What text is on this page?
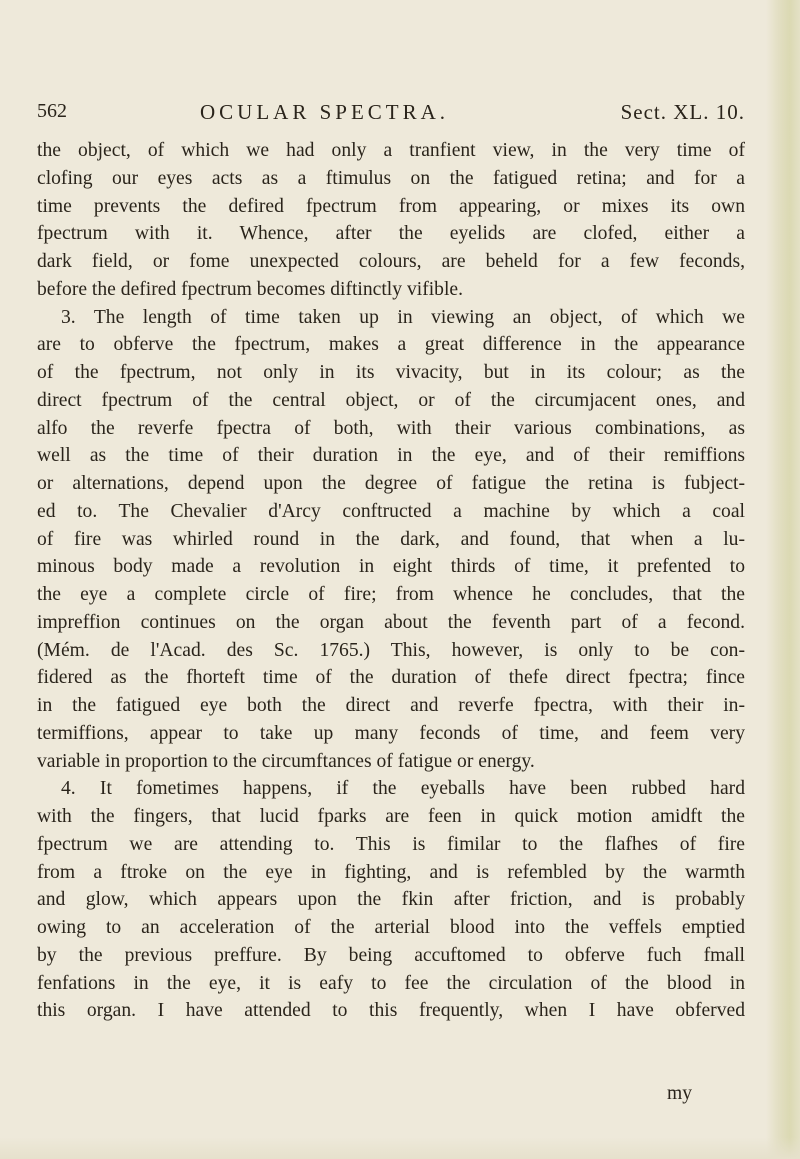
562	OCULAR SPECTRA.	Sect. XL. 10.
the object, of which we had only a tranfient view, in the very time of
clofing our eyes acts as a ftimulus on the fatigued retina; and for a
time prevents the defired fpectrum from appearing, or mixes its own
fpectrum with it. Whence, after the eyelids are clofed, either a
dark field, or fome unexpected colours, are beheld for a few feconds,
before the defired fpectrum becomes diftinctly vifible.
3. The length of time taken up in viewing an object, of which we
are to obferve the fpectrum, makes a great difference in the appearance
of the fpectrum, not only in its vivacity, but in its colour; as the
direct fpectrum of the central object, or of the circumjacent ones, and
alfo the reverfe fpectra of both, with their various combinations, as
well as the time of their duration in the eye, and of their remiffions
or alternations, depend upon the degree of fatigue the retina is fubject-
ed to. The Chevalier d'Arcy conftructed a machine by which a coal
of fire was whirled round in the dark, and found, that when a lu-
minous body made a revolution in eight thirds of time, it prefented to
the eye a complete circle of fire; from whence he concludes, that the
impreffion continues on the organ about the feventh part of a fecond.
(Mém. de l'Acad. des Sc. 1765.) This, however, is only to be con-
fidered as the fhorteft time of the duration of thefe direct fpectra; fince
in the fatigued eye both the direct and reverfe fpectra, with their in-
termiffions, appear to take up many feconds of time, and feem very
variable in proportion to the circumftances of fatigue or energy.
4. It fometimes happens, if the eyeballs have been rubbed hard
with the fingers, that lucid fparks are feen in quick motion amidft the
fpectrum we are attending to. This is fimilar to the flafhes of fire
from a ftroke on the eye in fighting, and is refembled by the warmth
and glow, which appears upon the fkin after friction, and is probably
owing to an acceleration of the arterial blood into the veffels emptied
by the previous preffure. By being accuftomed to obferve fuch fmall
fenfations in the eye, it is eafy to fee the circulation of the blood in
this organ. I have attended to this frequently, when I have obferved
my
